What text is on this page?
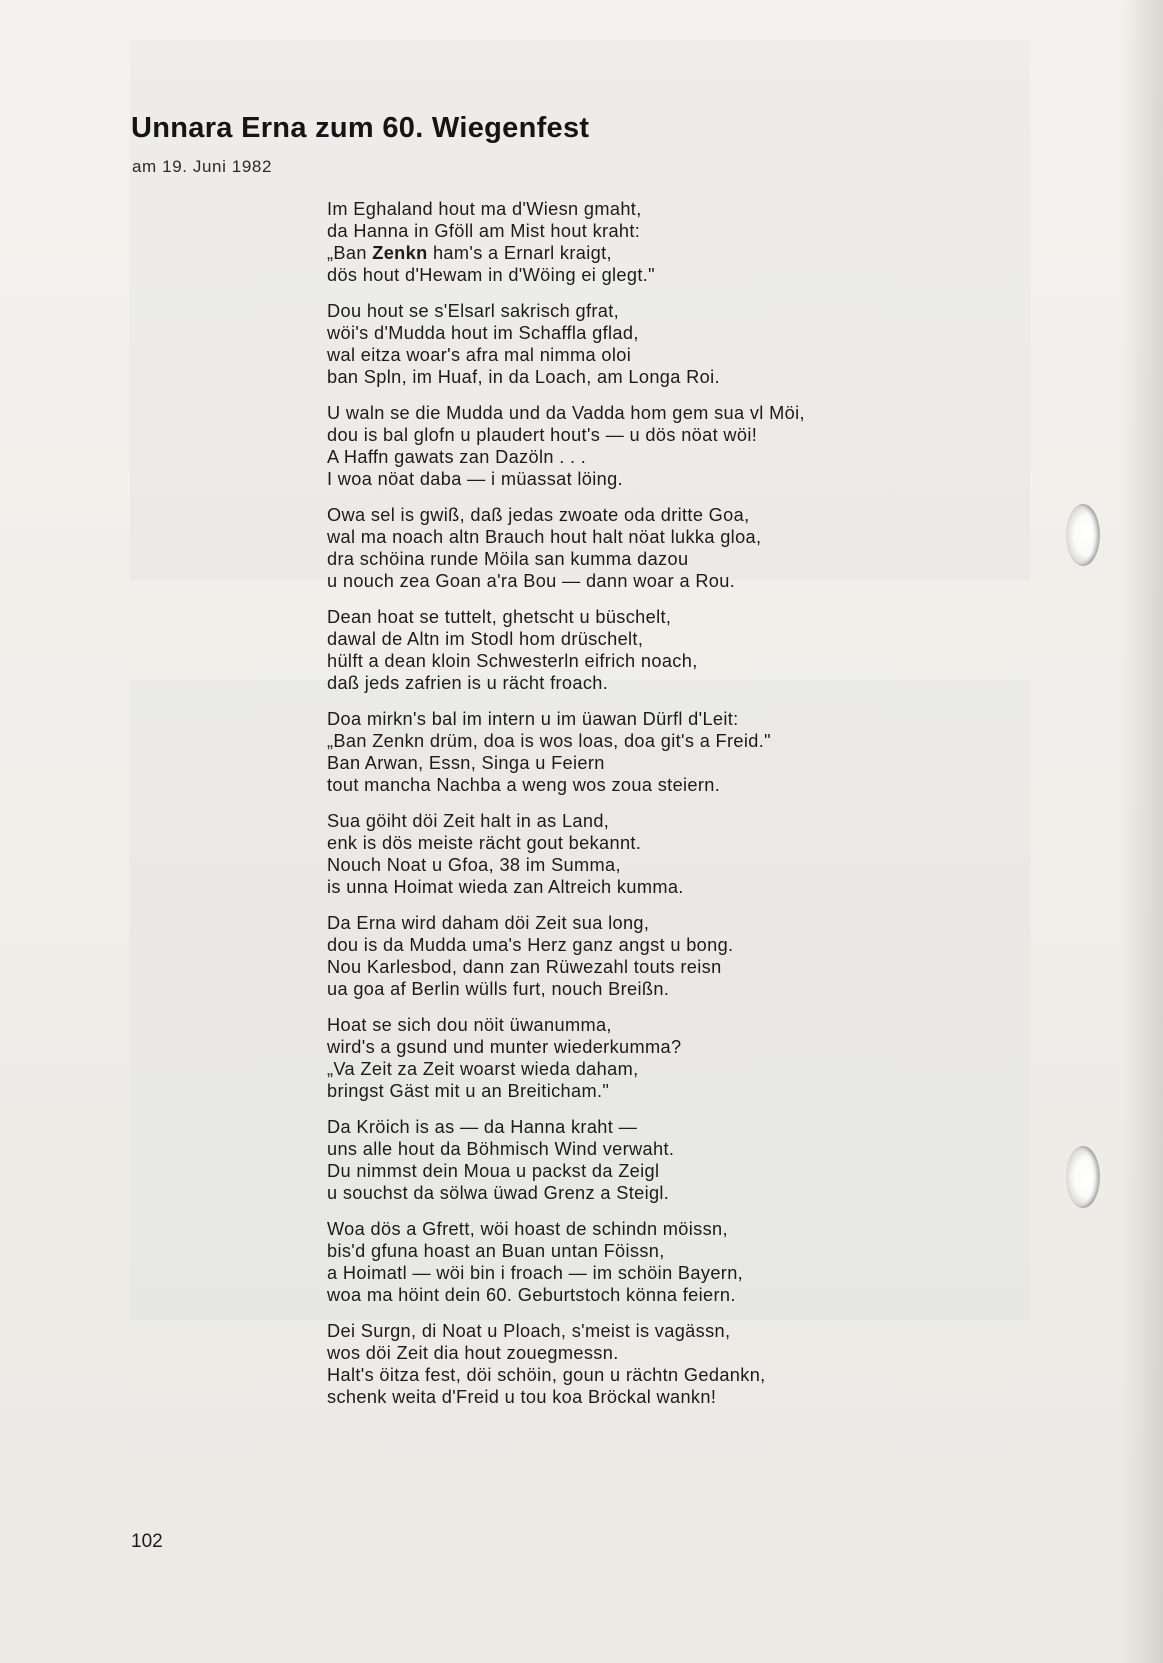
Unnara Erna zum 60. Wiegenfest
am 19. Juni 1982
Im Eghaland hout ma d'Wiesn gmaht,
da Hanna in Gföll am Mist hout kraht:
„Ban Zenkn ham's a Ernarl kraigt,
dös hout d'Hewam in d'Wöing ei glegt."
Dou hout se s'Elsarl sakrisch gfrat,
wöi's d'Mudda hout im Schaffla gflad,
wal eitza woar's afra mal nimma oloi
ban Spln, im Huaf, in da Loach, am Longa Roi.
U waln se die Mudda und da Vadda hom gem sua vl Möi,
dou is bal glofn u plaudert hout's — u dös nöat wöi!
A Haffn gawats zan Dazöln . . .
I woa nöat daba — i müassat löing.
Owa sel is gwiß, daß jedas zwoate oda dritte Goa,
wal ma noach altn Brauch hout halt nöat lukka gloa,
dra schöina runde Möila san kumma dazou
u nouch zea Goan a'ra Bou — dann woar a Rou.
Dean hoat se tuttelt, ghetscht u büschelt,
dawal de Altn im Stodl hom drüschelt,
hülft a dean kloin Schwesterln eifrich noach,
daß jeds zafrien is u rächt froach.
Doa mirkn's bal im intern u im üawan Dürfl d'Leit:
„Ban Zenkn drüm, doa is wos loas, doa git's a Freid."
Ban Arwan, Essn, Singa u Feiern
tout mancha Nachba a weng wos zoua steiern.
Sua göiht döi Zeit halt in as Land,
enk is dös meiste rächt gout bekannt.
Nouch Noat u Gfoa, 38 im Summa,
is unna Hoimat wieda zan Altreich kumma.
Da Erna wird daham döi Zeit sua long,
dou is da Mudda uma's Herz ganz angst u bong.
Nou Karlesbod, dann zan Rüwezahl touts reisn
ua goa af Berlin wülls furt, nouch Breißn.
Hoat se sich dou nöit üwanumma,
wird's a gsund und munter wiederkumma?
„Va Zeit za Zeit woarst wieda daham,
bringst Gäst mit u an Breiticham."
Da Kröich is as — da Hanna kraht —
uns alle hout da Böhmisch Wind verwaht.
Du nimmst dein Moua u packst da Zeigl
u souchst da sölwa üwad Grenz a Steigl.
Woa dös a Gfrett, wöi hoast de schindn möissn,
bis'd gfuna hoast an Buan untan Föissn,
a Hoimatl — wöi bin i froach — im schöin Bayern,
woa ma höint dein 60. Geburtstoch könna feiern.
Dei Surgn, di Noat u Ploach, s'meist is vagässn,
wos döi Zeit dia hout zouegmessn.
Halt's öitza fest, döi schöin, goun u rächtn Gedankn,
schenk weita d'Freid u tou koa Bröckal wankn!
102
